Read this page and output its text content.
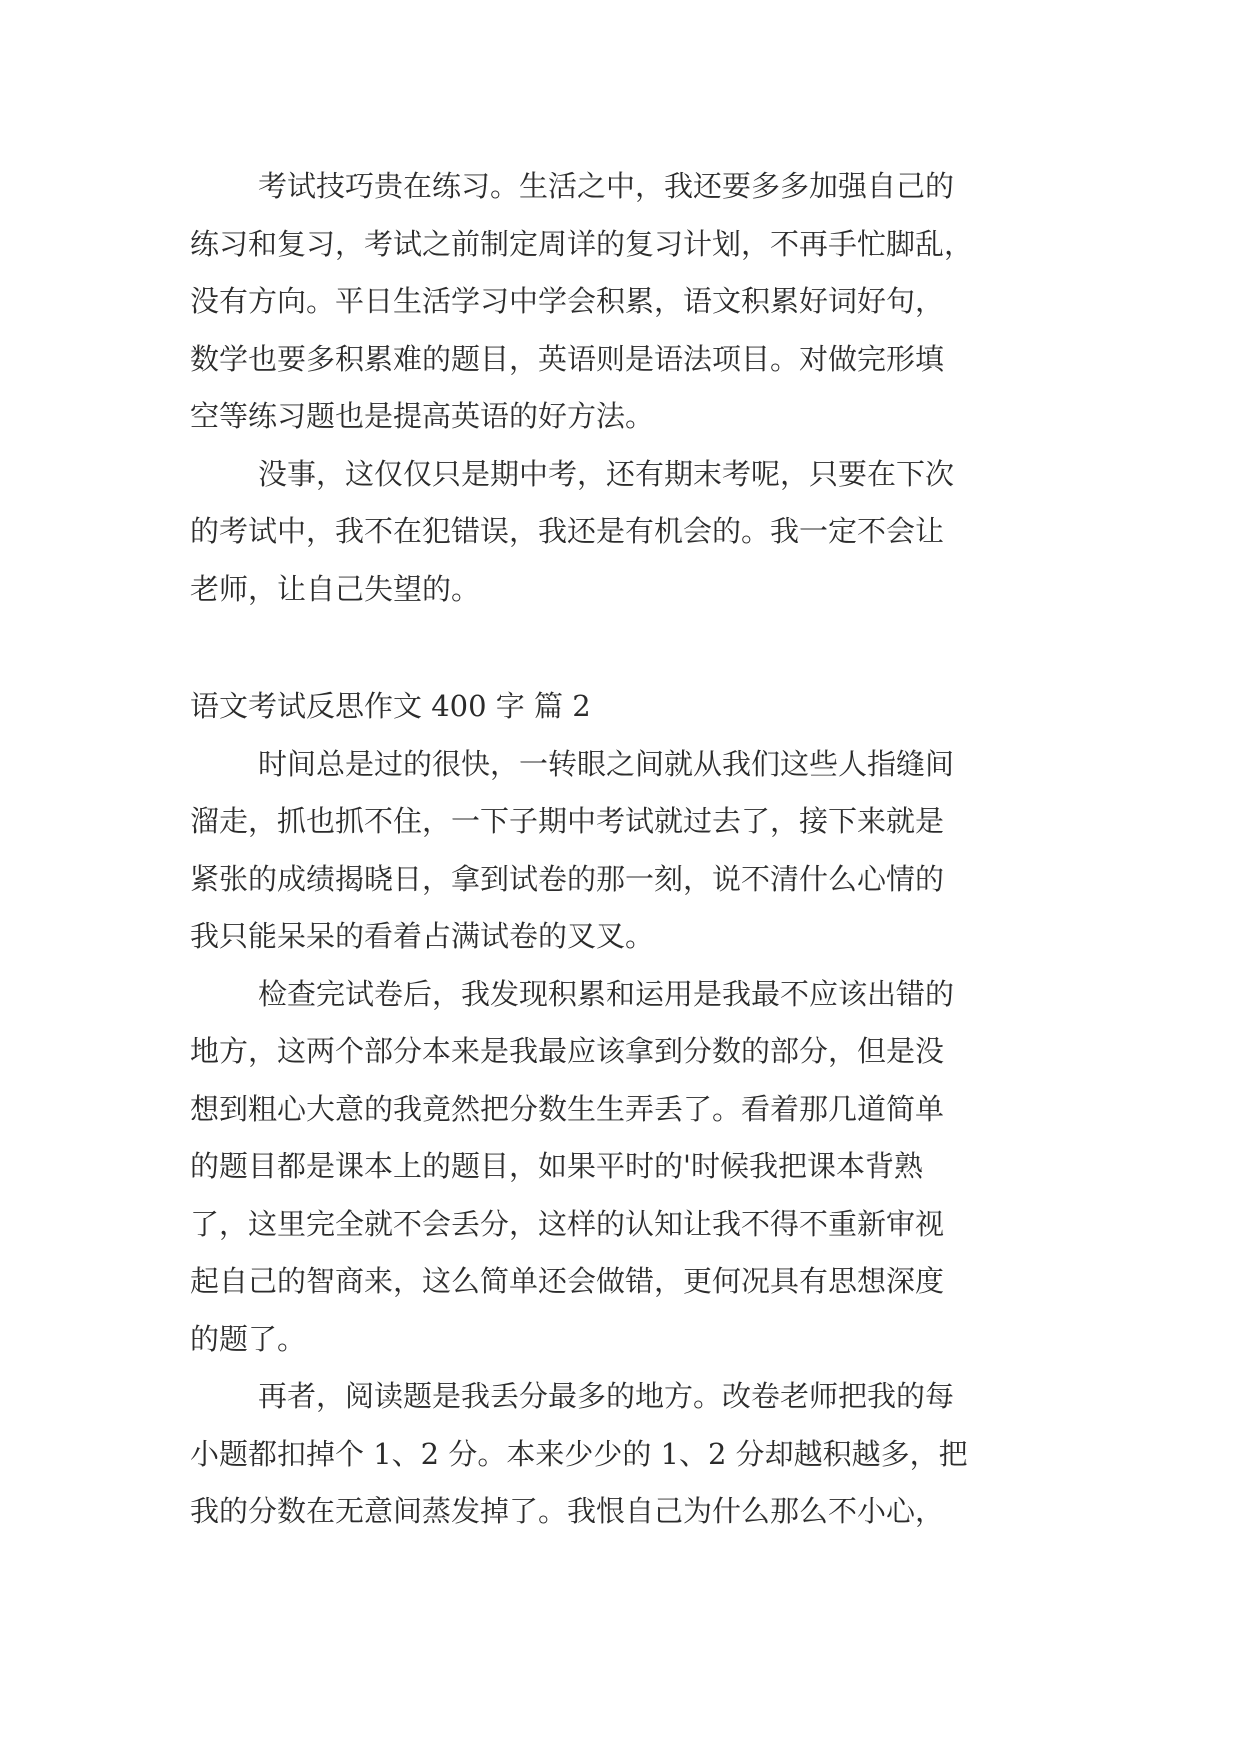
考试技巧贵在练习。生活之中，我还要多多加强自己的
练习和复习，考试之前制定周详的复习计划，不再手忙脚乱，
没有方向。平日生活学习中学会积累，语文积累好词好句，
数学也要多积累难的题目，英语则是语法项目。对做完形填
空等练习题也是提高英语的好方法。
没事，这仅仅只是期中考，还有期末考呢，只要在下次
的考试中，我不在犯错误，我还是有机会的。我一定不会让
老师，让自己失望的。
语文考试反思作文 400 字 篇 2
时间总是过的很快，一转眼之间就从我们这些人指缝间
溜走，抓也抓不住，一下子期中考试就过去了，接下来就是
紧张的成绩揭晓日，拿到试卷的那一刻，说不清什么心情的
我只能呆呆的看着占满试卷的叉叉。
检查完试卷后，我发现积累和运用是我最不应该出错的
地方，这两个部分本来是我最应该拿到分数的部分，但是没
想到粗心大意的我竟然把分数生生弄丢了。看着那几道简单
的题目都是课本上的题目，如果平时的'时候我把课本背熟
了，这里完全就不会丢分，这样的认知让我不得不重新审视
起自己的智商来，这么简单还会做错，更何况具有思想深度
的题了。
再者，阅读题是我丢分最多的地方。改卷老师把我的每
小题都扣掉个 1、2 分。本来少少的 1、2 分却越积越多，把
我的分数在无意间蒸发掉了。我恨自己为什么那么不小心，
